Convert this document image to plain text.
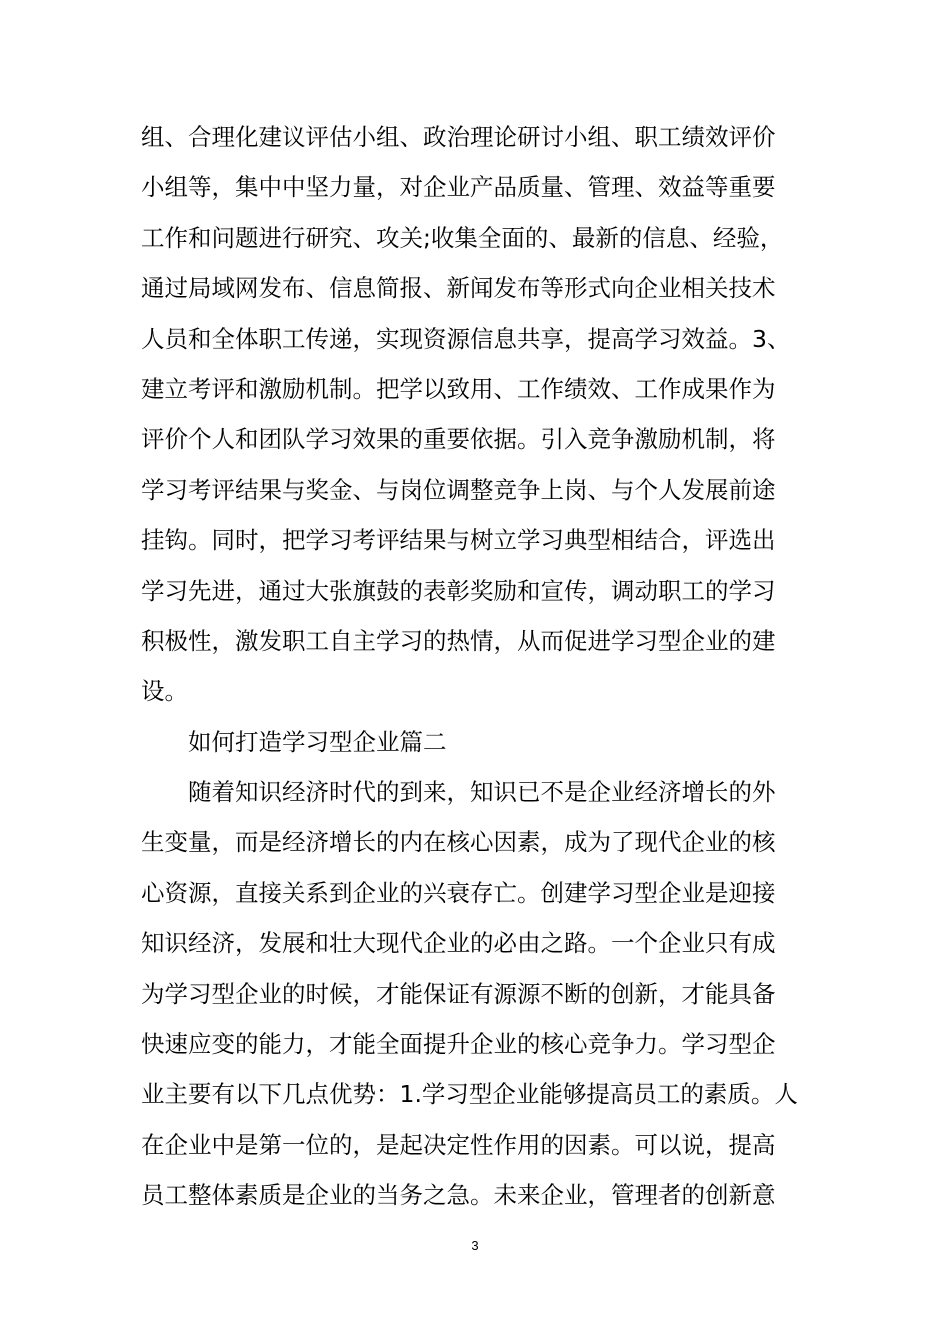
组、合理化建议评估小组、政治理论研讨小组、职工绩效评价
小组等，集中中坚力量，对企业产品质量、管理、效益等重要
工作和问题进行研究、攻关;收集全面的、最新的信息、经验，
通过局域网发布、信息简报、新闻发布等形式向企业相关技术
人员和全体职工传递，实现资源信息共享，提高学习效益。3、
建立考评和激励机制。把学以致用、工作绩效、工作成果作为
评价个人和团队学习效果的重要依据。引入竞争激励机制，将
学习考评结果与奖金、与岗位调整竞争上岗、与个人发展前途
挂钩。同时，把学习考评结果与树立学习典型相结合，评选出
学习先进，通过大张旗鼓的表彰奖励和宣传，调动职工的学习
积极性，激发职工自主学习的热情，从而促进学习型企业的建
设。
如何打造学习型企业篇二
随着知识经济时代的到来，知识已不是企业经济增长的外
生变量，而是经济增长的内在核心因素，成为了现代企业的核
心资源，直接关系到企业的兴衰存亡。创建学习型企业是迎接
知识经济，发展和壮大现代企业的必由之路。一个企业只有成
为学习型企业的时候，才能保证有源源不断的创新，才能具备
快速应变的能力，才能全面提升企业的核心竞争力。学习型企
业主要有以下几点优势：1.学习型企业能够提高员工的素质。人
在企业中是第一位的，是起决定性作用的因素。可以说，提高
员工整体素质是企业的当务之急。未来企业，管理者的创新意
3
